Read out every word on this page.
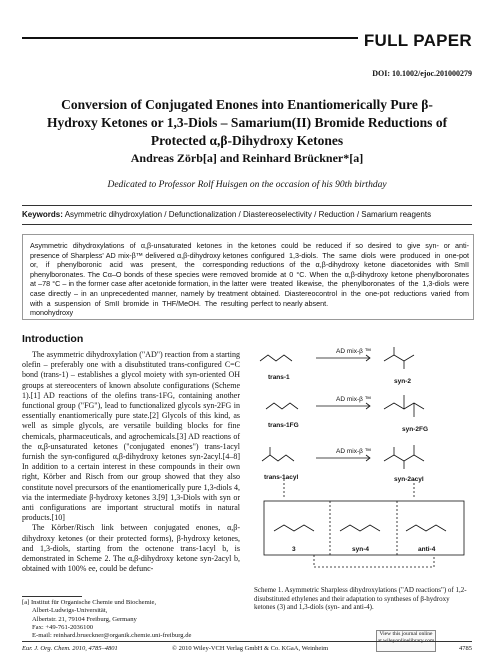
FULL PAPER
DOI: 10.1002/ejoc.201000279
Conversion of Conjugated Enones into Enantiomerically Pure β-Hydroxy Ketones or 1,3-Diols – Samarium(II) Bromide Reductions of Protected α,β-Dihydroxy Ketones
Andreas Zörb[a] and Reinhard Brückner*[a]
Dedicated to Professor Rolf Huisgen on the occasion of his 90th birthday
Keywords: Asymmetric dihydroxylation / Defunctionalization / Diastereoselectivity / Reduction / Samarium reagents
Asymmetric dihydroxylations of α,β-unsaturated ketones in the presence of Sharpless' AD mix-β™ delivered α,β-dihydroxy ketones or, if phenylboronic acid was present, the corresponding phenylboronates. The Cα–O bonds of these species were removed at –78 °C – in the former case after acetonide formation, in the latter case directly – in an unprecedented manner, namely by treatment with a suspension of SmII bromide in THF/MeOH. The resulting monohydroxy
ketones could be reduced if so desired to give syn- or anti-configured 1,3-diols. The same diols were produced in one-pot reductions of the α,β-dihydroxy ketone diacetonides with SmII bromide at 0 °C. When the α,β-dihydroxy ketone phenylboronates were treated likewise, the phenylboronates of the 1,3-diols were obtained. Diastereocontrol in the one-pot reductions varied from perfect to nearly absent.
Introduction

The asymmetric dihydroxylation ("AD") reaction from a starting olefin – preferably one with a disubstituted trans-configured C=C bond (trans-1) – establishes a glycol moiety with syn-oriented OH groups at stereocenters of known absolute configurations (Scheme 1).[1] AD reactions of the olefins trans-1FG, containing another functional group ("FG"), lead to functionalized glycols syn-2FG in essentially enantiomerically pure state.[2] Glycols of this kind, as well as simple glycols, are versatile building blocks for fine chemicals, pharmaceuticals, and agrochemicals.[3] AD reactions of the α,β-unsaturated ketones ("conjugated enones") trans-1acyl furnish the syn-configured α,β-dihydroxy ketones syn-2acyl.[4–8] In addition to a certain interest in these compounds in their own right, Körber and Risch from our group showed that they also constitute novel precursors of the enantiomerically pure 1,3-diols 4, via the intermediate β-hydroxy ketones 3.[9] 1,3-Diols with syn or anti configurations are important structural motifs in natural products.[10]

The Körber/Risch link between conjugated enones, α,β-dihydroxy ketones (or their protected forms), β-hydroxy ketones, and 1,3-diols, starting from the octenone trans-1acyl b, is demonstrated in Scheme 2. The α,β-dihydroxy ketone syn-2acyl b, obtained with 100% ee, could be defunc-

[a] Institut für Organische Chemie und Biochemie,
Albert-Ludwigs-Universität,
Albertstr. 21, 79104 Freiburg, Germany
Fax: +49-761-2036100
E-mail: reinhard.brueckner@organik.chemie.uni-freiburg.de
AD mix-β ™
AD mix-β ™
AD mix-β ™
trans-1
syn-2
trans-1FG
syn-2FG
trans-1acyl	syn-2acyl
3	syn-4	anti-4
Scheme 1. Asymmetric Sharpless dihydroxylations ("AD reactions") of 1,2-disubstituted ethylenes and their adaptation to syntheses of β-hydroxy ketones (3) and 1,3-diols (syn- and anti-4).
View this journal online
Eur. J. Org. Chem. 2010, 4785–4801	© 2010 Wiley-VCH Verlag GmbH & Co. KGaA, Weinheim	4785
